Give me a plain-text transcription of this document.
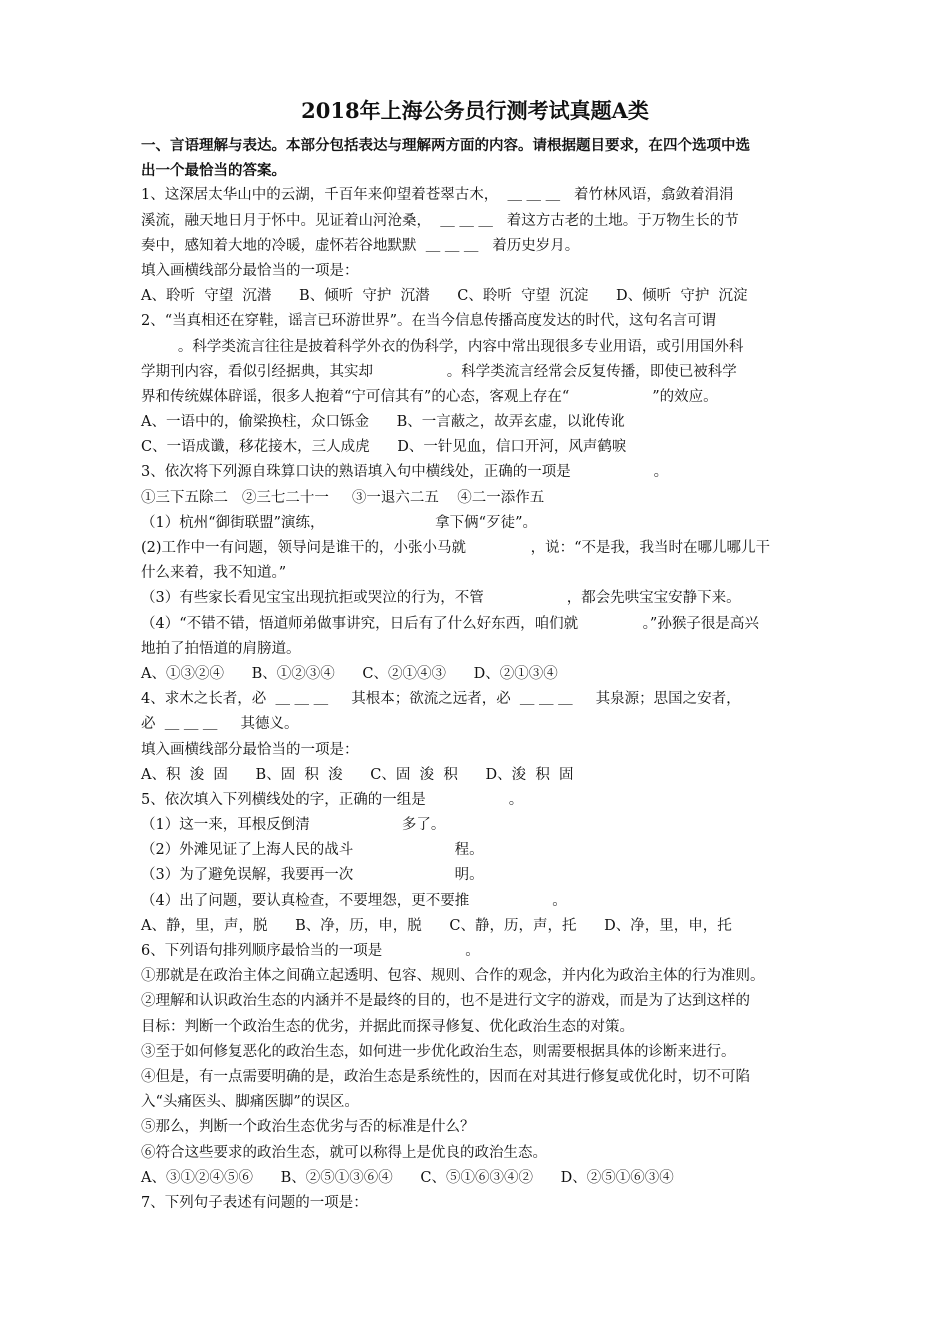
2018年上海公务员行测考试真题A类
一、言语理解与表达。本部分包括表达与理解两方面的内容。请根据题目要求，在四个选项中选
出一个最恰当的答案。
1、这深居太华山中的云湖，千百年来仰望着苍翠古木，  ＿ ＿ ＿   着竹林风语，翕敛着涓涓
溪流，融天地日月于怀中。见证着山河沧桑，  ＿ ＿ ＿   着这方古老的土地。于万物生长的节
奏中，感知着大地的冷暖，虚怀若谷地默默  ＿ ＿ ＿   着历史岁月。
填入画横线部分最恰当的一项是：
A、聆听  守望  沉潜      B、倾听  守护  沉潜      C、聆听  守望  沉淀      D、倾听  守护  沉淀
2、“当真相还在穿鞋，谣言已环游世界”。在当今信息传播高度发达的时代，这句名言可谓
。科学类流言往往是披着科学外衣的伪科学，内容中常出现很多专业用语，或引用国外科
学期刊内容，看似引经据典，其实却                。科学类流言经常会反复传播，即使已被科学
界和传统媒体辟谣，很多人抱着“宁可信其有”的心态，客观上存在“                  ”的效应。
A、一语中的，偷梁换柱，众口铄金      B、一言蔽之，故弄玄虚，以讹传讹
C、一语成谶，移花接木，三人成虎      D、一针见血，信口开河，风声鹤唳
3、依次将下列源自珠算口诀的熟语填入句中横线处，正确的一项是                  。
①三下五除二   ②三七二十一     ③一退六二五    ④二一添作五
（1）杭州“御街联盟”演练，                        拿下俩“歹徒”。
(2)工作中一有问题，领导问是谁干的，小张小马就              ，说：“不是我，我当时在哪儿哪儿干
什么来着，我不知道。”
（3）有些家长看见宝宝出现抗拒或哭泣的行为，不管                  ，都会先哄宝宝安静下来。
（4）“不错不错，悟道师弟做事讲究，日后有了什么好东西，咱们就              。”孙猴子很是高兴
地拍了拍悟道的肩膀道。
A、①③②④      B、①②③④      C、②①④③      D、②①③④
4、求木之长者，必  ＿ ＿ ＿     其根本；欲流之远者，必  ＿ ＿ ＿     其泉源；思国之安者，
必  ＿ ＿ ＿     其德义。
填入画横线部分最恰当的一项是：
A、积  浚  固      B、固  积  浚      C、固  浚  积      D、浚  积  固
5、依次填入下列横线处的字，正确的一组是                  。
（1）这一来，耳根反倒清                    多了。
（2）外滩见证了上海人民的战斗                      程。
（3）为了避免误解，我要再一次                      明。
（4）出了问题，要认真检查，不要埋怨，更不要推                  。
A、静，里，声，脱      B、净，历，申，脱      C、静，历，声，托      D、净，里，申，托
6、下列语句排列顺序最恰当的一项是                  。
①那就是在政治主体之间确立起透明、包容、规则、合作的观念，并内化为政治主体的行为准则。
②理解和认识政治生态的内涵并不是最终的目的，也不是进行文字的游戏，而是为了达到这样的
目标：判断一个政治生态的优劣，并据此而探寻修复、优化政治生态的对策。
③至于如何修复恶化的政治生态，如何进一步优化政治生态，则需要根据具体的诊断来进行。
④但是，有一点需要明确的是，政治生态是系统性的，因而在对其进行修复或优化时，切不可陷
入“头痛医头、脚痛医脚”的误区。
⑤那么，判断一个政治生态优劣与否的标准是什么？
⑥符合这些要求的政治生态，就可以称得上是优良的政治生态。
A、③①②④⑤⑥      B、②⑤①③⑥④      C、⑤①⑥③④②      D、②⑤①⑥③④
7、下列句子表述有问题的一项是：
